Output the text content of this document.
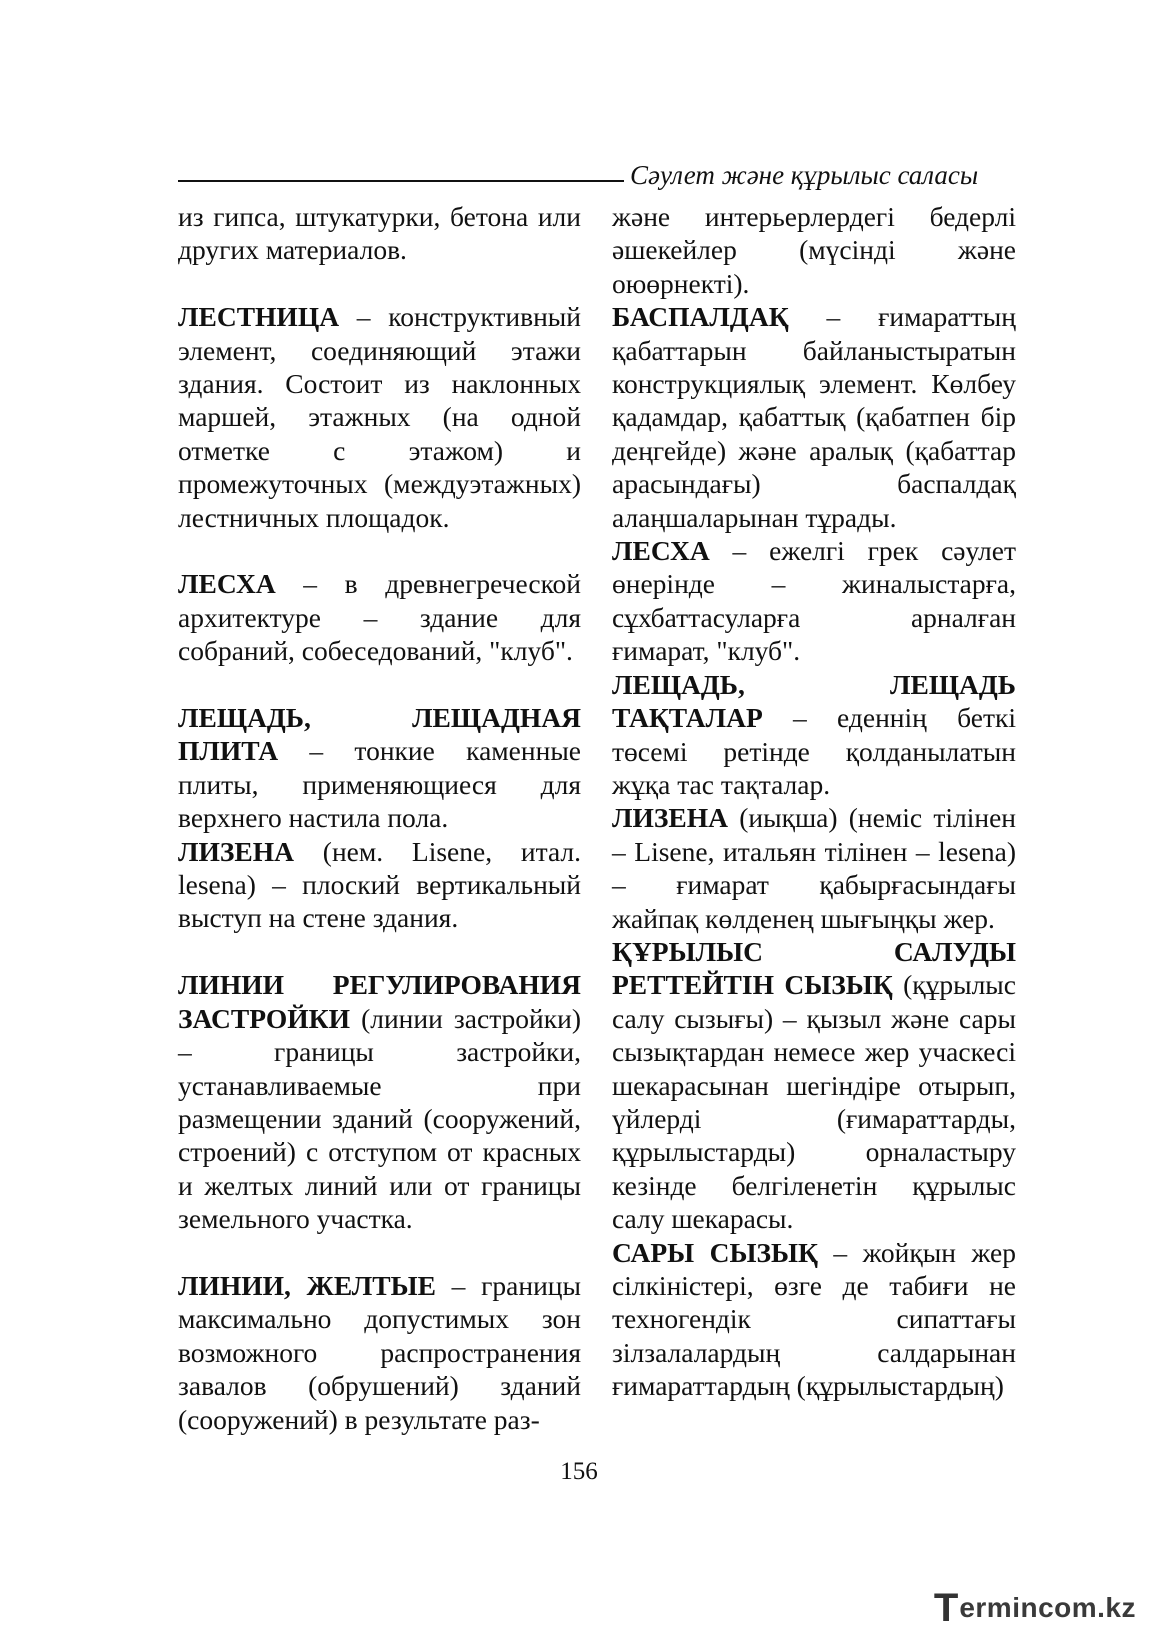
Сәулет және құрылыс саласы

из гипса, штукатурки, бетона или других материалов.

ЛЕСТНИЦА – конструктивный элемент, соединяющий этажи здания. Состоит из наклонных маршей, этажных (на одной отметке с этажом) и промежуточных (междуэтажных) лестничных площадок.

ЛЕСХА – в древнегреческой архитектуре – здание для собраний, собеседований, "клуб".

ЛЕЩАДЬ, ЛЕЩАДНАЯ ПЛИТА – тонкие каменные плиты, применяющиеся для верхнего настила пола.

ЛИЗЕНА (нем. Lisene, итал. lesena) – плоский вертикальный выступ на стене здания.

ЛИНИИ РЕГУЛИРОВАНИЯ ЗАСТРОЙКИ (линии застройки) – границы застройки, устанавливаемые при размещении зданий (сооружений, строений) с отступом от красных и желтых линий или от границы земельного участка.

ЛИНИИ, ЖЕЛТЫЕ – границы максимально допустимых зон возможного распространения завалов (обрушений) зданий (сооружений) в результате раз-

және интерьерлердегі бедерлі әшекейлер (мүсінді және оюөрнекті).

БАСПАЛДАҚ – ғимараттың қабаттарын байланыстыратын конструкциялық элемент. Көлбеу қадамдар, қабаттық (қабатпен бір деңгейде) және аралық (қабаттар арасындағы) баспалдақ алаңшаларынан тұрады.

ЛЕСХА – ежелгі грек сәулет өнерінде – жиналыстарға, сұхбаттасуларға арналған ғимарат, "клуб".

ЛЕЩАДЬ, ЛЕЩАДЬ ТАҚТАЛАР – еденнің беткі төсемі ретінде қолданылатын жұқа тас тақталар.

ЛИЗЕНА (иықша) (неміс тілінен – Lisene, итальян тілінен – lesena) – ғимарат қабырғасындағы жайпақ көлденең шығыңқы жер.

ҚҰРЫЛЫС САЛУДЫ РЕТТЕЙТІН СЫЗЫҚ (құрылыс салу сызығы) – қызыл және сары сызықтардан немесе жер учаскесі шекарасынан шегіндіре отырып, үйлерді (ғимараттарды, құрылыстарды) орналастыру кезінде белгіленетін құрылыс салу шекарасы.

САРЫ СЫЗЫҚ – жойқын жер сілкіністері, өзге де табиғи не техногендік сипаттағы зілзалалардың салдарынан ғимараттардың (құрылыстардың)

156
T ermincom.kz
